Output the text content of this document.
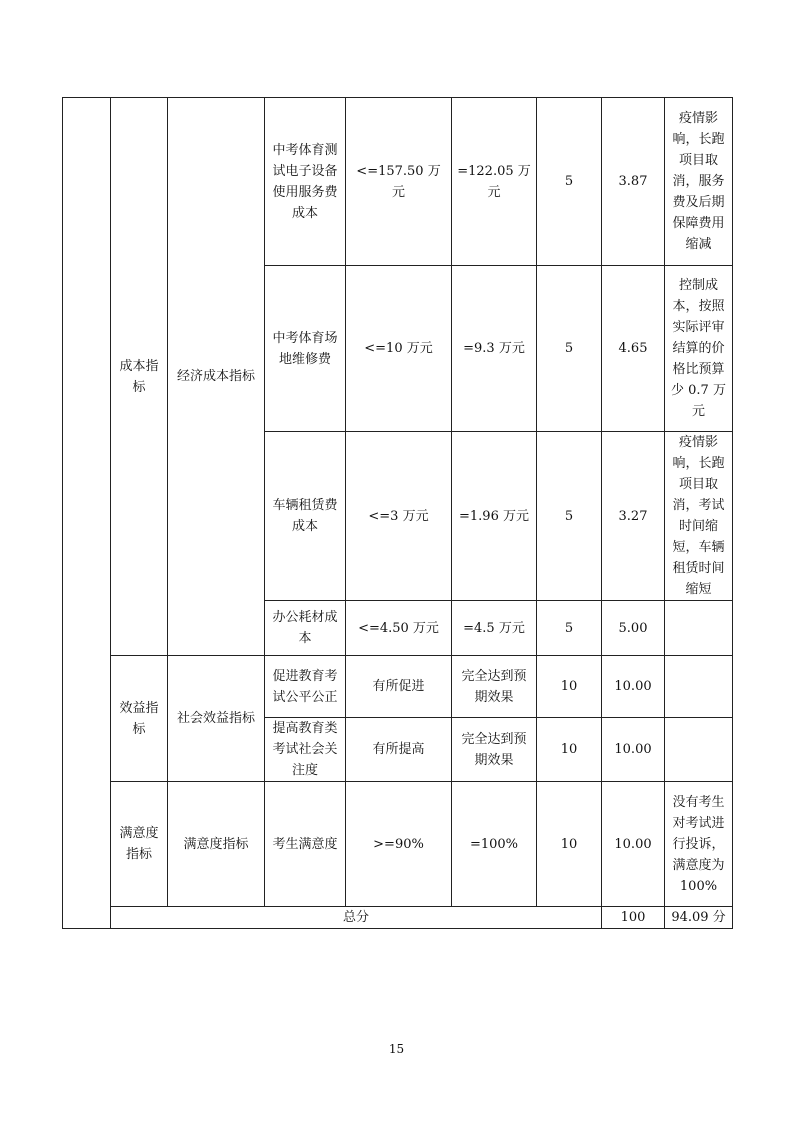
	成本指标	经济成本指标	中考体育测试电子设备使用服务费成本	<=157.50 万元	=122.05 万元	5	3.87	疫情影响，长跑项目取消，服务费及后期保障费用缩减	
			中考体育场地维修费	<=10 万元	=9.3 万元	5	4.65	控制成本，按照实际评审结算的价格比预算少 0.7 万元	
			车辆租赁费成本	<=3 万元	=1.96 万元	5	3.27	疫情影响，长跑项目取消，考试时间缩短，车辆租赁时间缩短	
			办公耗材成本	<=4.50 万元	=4.5 万元	5	5.00		
	效益指标	社会效益指标	促进教育考试公平公正	有所促进	完全达到预期效果	10	10.00		
			提高教育类考试社会关注度	有所提高	完全达到预期效果	10	10.00		
	满意度指标	满意度指标	考生满意度	>=90%	=100%	10	10.00	没有考生对考试进行投诉，满意度为 100%	
	总分						100	94.09 分	
15
